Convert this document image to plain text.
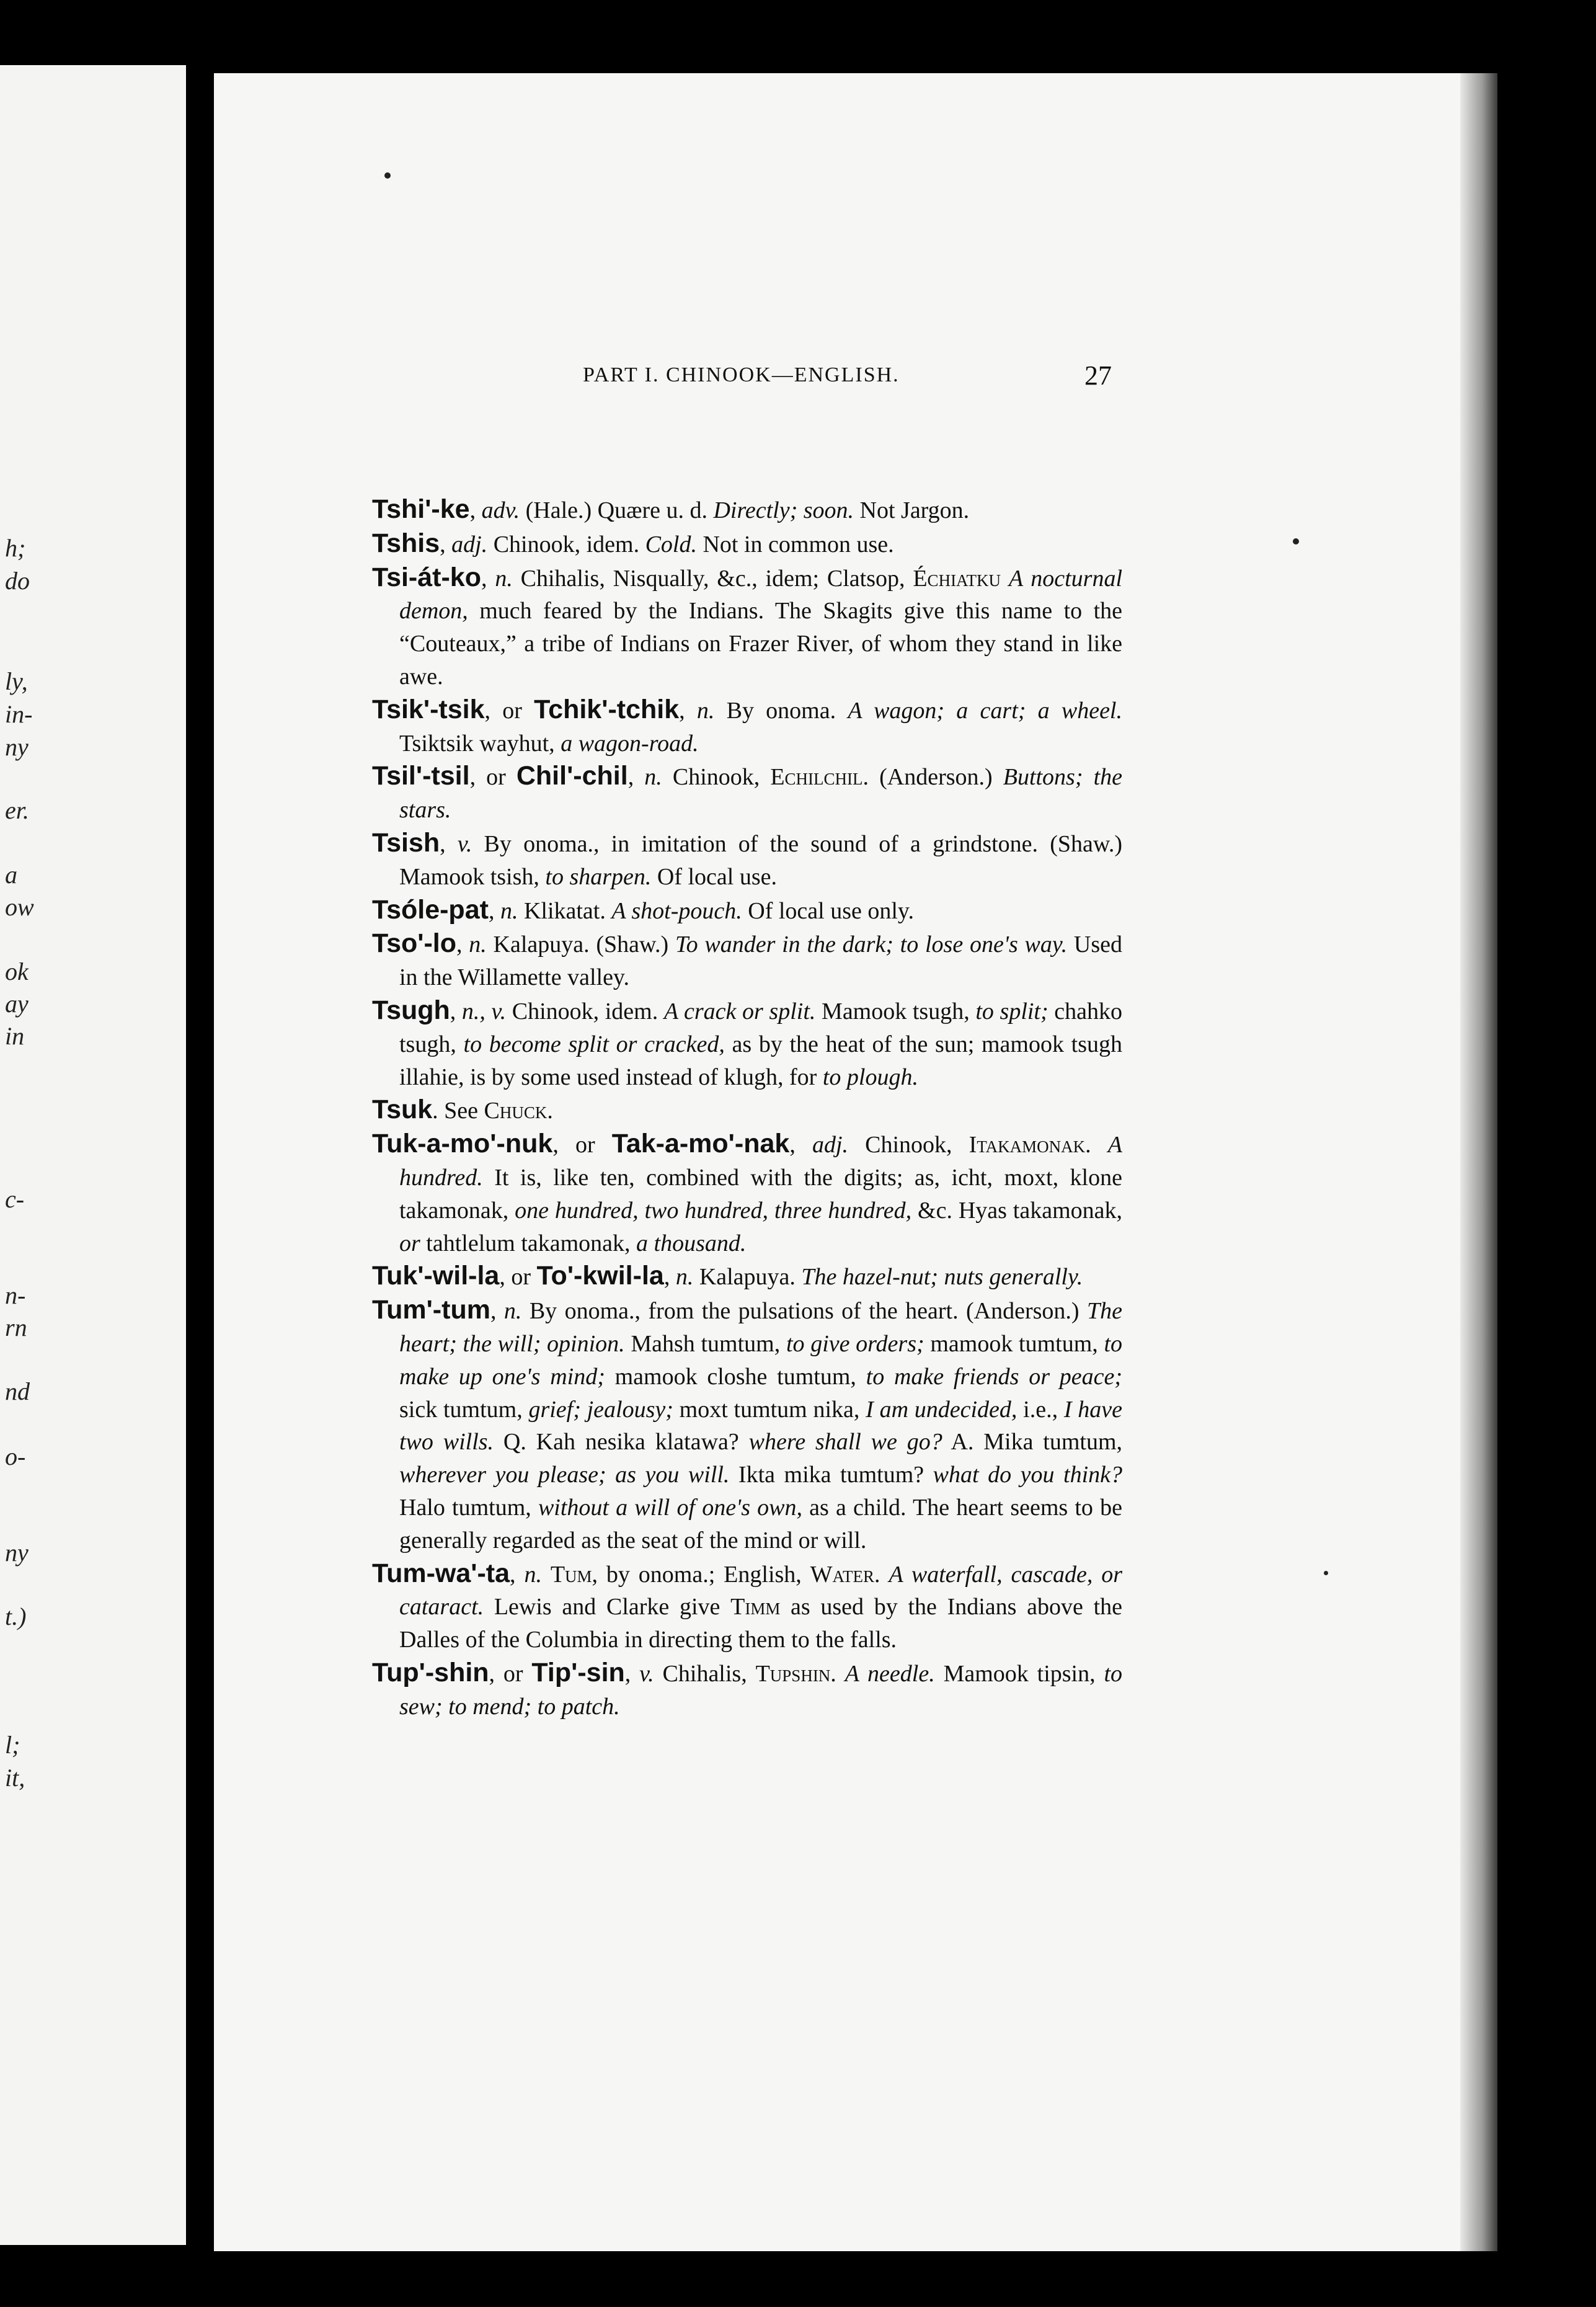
h;
do
ly,
in-
ny
er.
a
ow
ok
ay
in
c-
n-
rn
nd
o-
ny
t.)
l;
it,
PART I. CHINOOK—ENGLISH.	27

Tshi'-ke, adv. (Hale.) Quære u. d. Directly; soon. Not Jargon.

Tshis, adj. Chinook, idem. Cold. Not in common use.

Tsi-át-ko, n. Chihalis, Nisqually, &c., idem; Clatsop, Échiatku A nocturnal demon, much feared by the Indians. The Skagits give this name to the “Couteaux,” a tribe of Indians on Frazer River, of whom they stand in like awe.

Tsik'-tsik, or Tchik'-tchik, n. By onoma. A wagon; a cart; a wheel. Tsiktsik wayhut, a wagon-road.

Tsil'-tsil, or Chil'-chil, n. Chinook, Echilchil. (Anderson.) Buttons; the stars.

Tsish, v. By onoma., in imitation of the sound of a grindstone. (Shaw.) Mamook tsish, to sharpen. Of local use.

Tsóle-pat, n. Klikatat. A shot-pouch. Of local use only.

Tso'-lo, n. Kalapuya. (Shaw.) To wander in the dark; to lose one's way. Used in the Willamette valley.

Tsugh, n., v. Chinook, idem. A crack or split. Mamook tsugh, to split; chahko tsugh, to become split or cracked, as by the heat of the sun; mamook tsugh illahie, is by some used instead of klugh, for to plough.

Tsuk. See Chuck.

Tuk-a-mo'-nuk, or Tak-a-mo'-nak, adj. Chinook, Itakamonak. A hundred. It is, like ten, combined with the digits; as, icht, moxt, klone takamonak, one hundred, two hundred, three hundred, &c. Hyas takamonak, or tahtlelum takamonak, a thousand.

Tuk'-wil-la, or To'-kwil-la, n. Kalapuya. The hazel-nut; nuts generally.

Tum'-tum, n. By onoma., from the pulsations of the heart. (Anderson.) The heart; the will; opinion. Mahsh tumtum, to give orders; mamook tumtum, to make up one's mind; mamook closhe tumtum, to make friends or peace; sick tumtum, grief; jealousy; moxt tumtum nika, I am undecided, i.e., I have two wills. Q. Kah nesika klatawa? where shall we go? A. Mika tumtum, wherever you please; as you will. Ikta mika tumtum? what do you think? Halo tumtum, without a will of one's own, as a child. The heart seems to be generally regarded as the seat of the mind or will.

Tum-wa'-ta, n. Tum, by onoma.; English, Water. A waterfall, cascade, or cataract. Lewis and Clarke give Timm as used by the Indians above the Dalles of the Columbia in directing them to the falls.

Tup'-shin, or Tip'-sin, v. Chihalis, Tupshin. A needle. Mamook tipsin, to sew; to mend; to patch.
